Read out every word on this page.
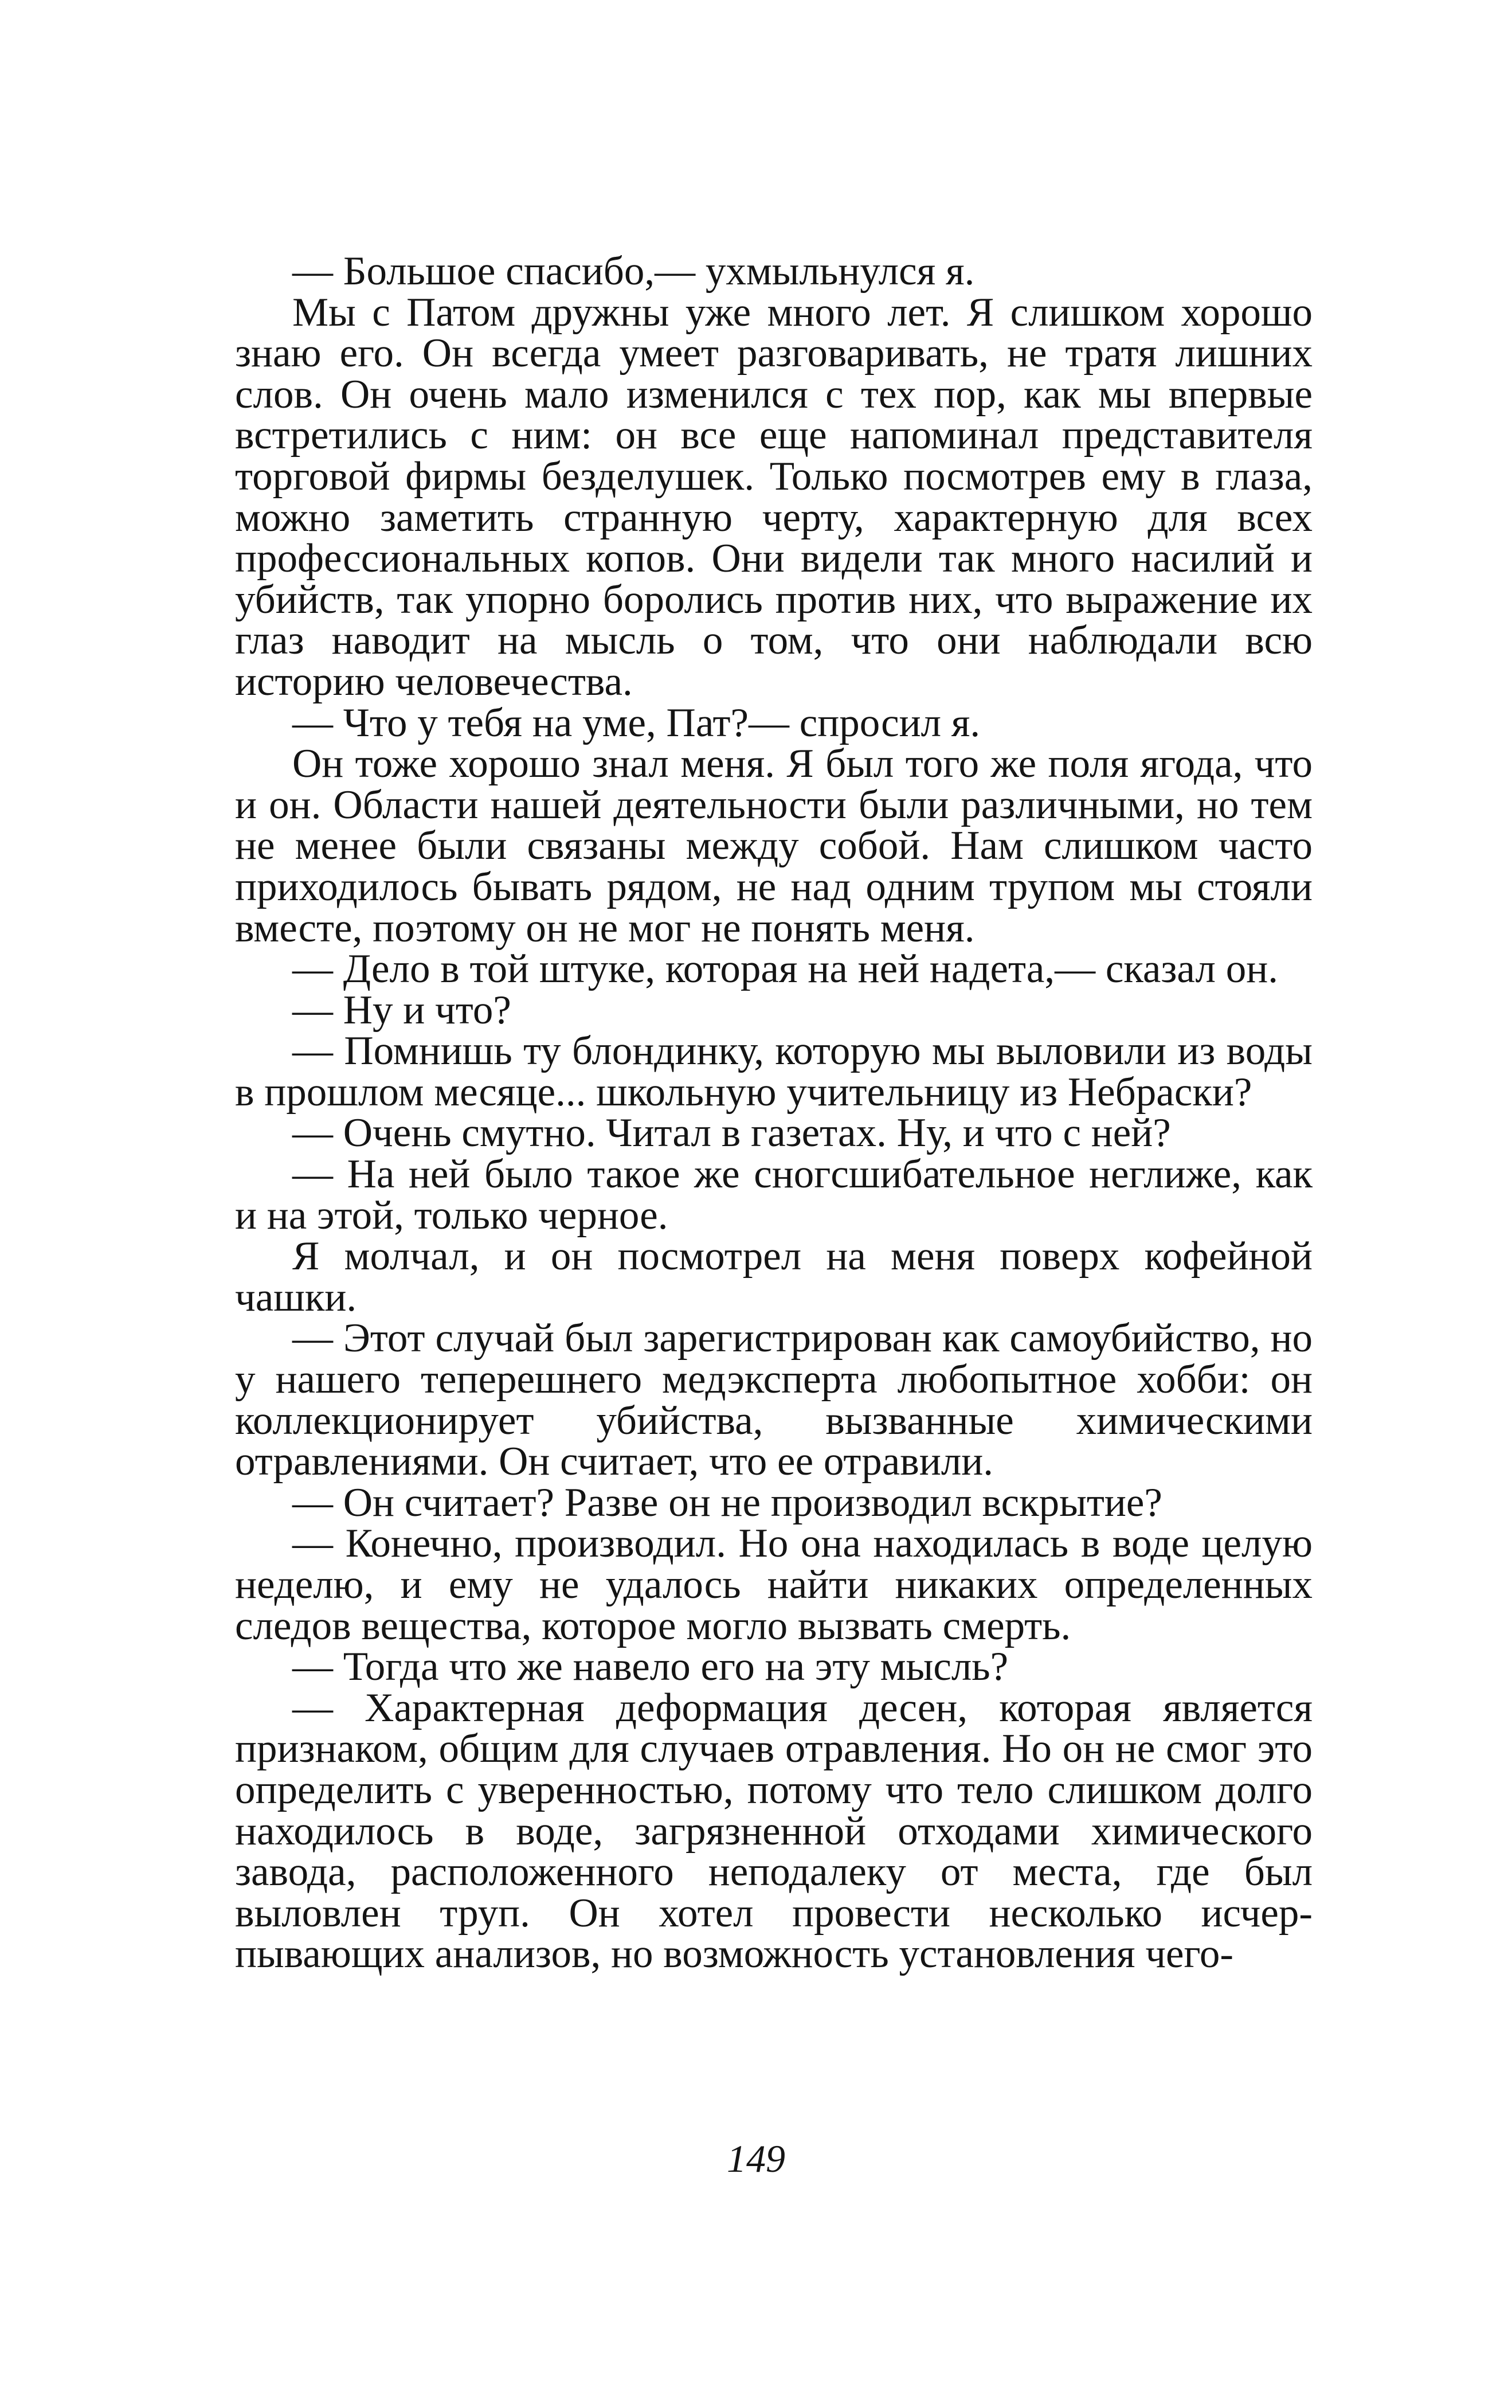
— Большое спасибо,— ухмыльнулся я.

Мы с Патом дружны уже много лет. Я слишком хорошо знаю его. Он всегда умеет разговаривать, не тратя лишних слов. Он очень мало изменился с тех пор, как мы впервые встретились с ним: он все еще напоминал представителя торговой фирмы безделушек. Только посмотрев ему в глаза, можно заметить странную черту, характерную для всех профессиональных копов. Они видели так много насилий и убийств, так упорно боролись против них, что выражение их глаз наводит на мысль о том, что они наблюдали всю историю человечества.

— Что у тебя на уме, Пат?— спросил я.

Он тоже хорошо знал меня. Я был того же поля ягода, что и он. Области нашей деятельности были различными, но тем не менее были связаны между собой. Нам слишком часто приходилось бывать рядом, не над одним трупом мы стояли вместе, поэтому он не мог не понять меня.

— Дело в той штуке, которая на ней надета,— сказал он.

— Ну и что?

— Помнишь ту блондинку, которую мы выловили из воды в прошлом месяце... школьную учительницу из Небраски?

— Очень смутно. Читал в газетах. Ну, и что с ней?

— На ней было такое же сногсшибательное неглиже, как и на этой, только черное.

Я молчал, и он посмотрел на меня поверх кофейной чашки.

— Этот случай был зарегистрирован как самоубийство, но у нашего теперешнего медэксперта любопытное хобби: он коллекционирует убийства, вызванные химическими отравлениями. Он считает, что ее отравили.

— Он считает? Разве он не производил вскрытие?

— Конечно, производил. Но она находилась в воде целую неделю, и ему не удалось найти никаких определенных следов вещества, которое могло вызвать смерть.

— Тогда что же навело его на эту мысль?

— Характерная деформация десен, которая является признаком, общим для случаев отравления. Но он не смог это определить с уверенностью, потому что тело слишком долго находилось в воде, загрязненной отходами химического завода, расположенного неподалеку от места, где был выловлен труп. Он хотел провести несколько исчерпывающих анализов, но возможность установления чего-

149
